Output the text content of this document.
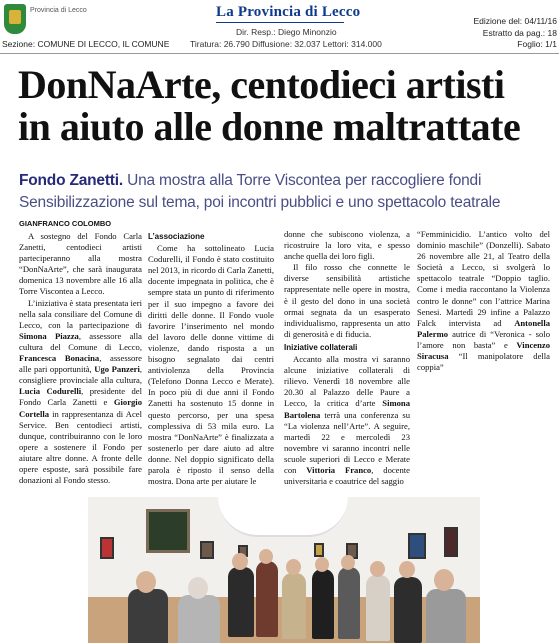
Provincia di Lecco	La Provincia di Lecco
Dir. Resp.: Diego Minonzio
Tiratura: 26.790 Diffusione: 32.037 Lettori: 314.000
Sezione: COMUNE DI LECCO, IL COMUNE
Edizione del: 04/11/16
Estratto da pag.: 18
Foglio: 1/1
DonNaArte, centodieci artisti
in aiuto alle donne maltrattate
Fondo Zanetti. Una mostra alla Torre Viscontea per raccogliere fondi
Sensibilizzazione sul tema, poi incontri pubblici e uno spettacolo teatrale
GIANFRANCO COLOMBO

A sostegno del Fondo Carla Zanetti, centodieci artisti parteciperanno alla mostra “DonNaArte”, che sarà inaugurata domenica 13 novembre alle 16 alla Torre Viscontea a Lecco.

L’iniziativa è stata presentata ieri nella sala consiliare del Comune di Lecco, con la partecipazione di Simona Piazza, assessore alla cultura del Comune di Lecco, Francesca Bonacina, assessore alle pari opportunità, Ugo Panzeri, consigliere provinciale alla cultura, Lucia Codurelli, presidente del Fondo Carla Zanetti e Giorgio Cortella in rappresentanza di Acel Service. Ben centodieci artisti, dunque, contribuiranno con le loro opere a sostenere il Fondo per aiutare altre donne. A fronte delle opere esposte, sarà possibile fare donazioni al Fondo stesso.

L’associazione

Come ha sottolineato Lucia Codurelli, il Fondo è stato costituito nel 2013, in ricordo di Carla Zanetti, docente impegnata in politica, che è sempre stata un punto di riferimento per il suo impegno a favore dei diritti delle donne. Il Fondo vuole favorire l’inserimento nel mondo del lavoro delle donne vittime di violenze, dando risposta a un bisogno segnalato dai centri antiviolenza della Provincia (Telefono Donna Lecco e Merate). In poco più di due anni il Fondo Zanetti ha sostenuto 15 donne in questo percorso, per una spesa complessiva di 53 mila euro. La mostra “DonNaArte” è finalizzata a sostenerlo per dare aiuto ad altre donne. Nel doppio significato della parola è riposto il senso della mostra. Dona arte per aiutare le

donne che subiscono violenza, a ricostruire la loro vita, e spesso anche quella dei loro figli.

Il filo rosso che connette le diverse sensibilità artistiche rappresentate nelle opere in mostra, è il gesto del dono in una società ormai segnata da un esasperato individualismo, rappresenta un atto di generosità e di fiducia.

Iniziative collaterali

Accanto alla mostra vi saranno alcune iniziative collaterali di rilievo. Venerdì 18 novembre alle 20.30 al Palazzo delle Paure a Lecco, la critica d’arte Simona Bartolena terrà una conferenza su “La violenza nell’Arte”. A seguire, martedì 22 e mercoledì 23 novembre vi saranno incontri nelle scuole superiori di Lecco e Merate con Vittoria Franco, docente universitaria e coautrice del saggio

“Femminicidio. L’antico volto del dominio maschile” (Donzelli). Sabato 26 novembre alle 21, al Teatro della Società a Lecco, si svolgerà lo spettacolo teatrale “Doppio taglio. Come i media raccontano la Violenza contro le donne” con l’attrice Marina Senesi. Martedì 29 infine a Palazzo Falck intervista ad Antonella Palermo autrice di “Veronica - solo l’amore non basta” e Vincenzo Siracusa “Il manipolatore della coppia”
